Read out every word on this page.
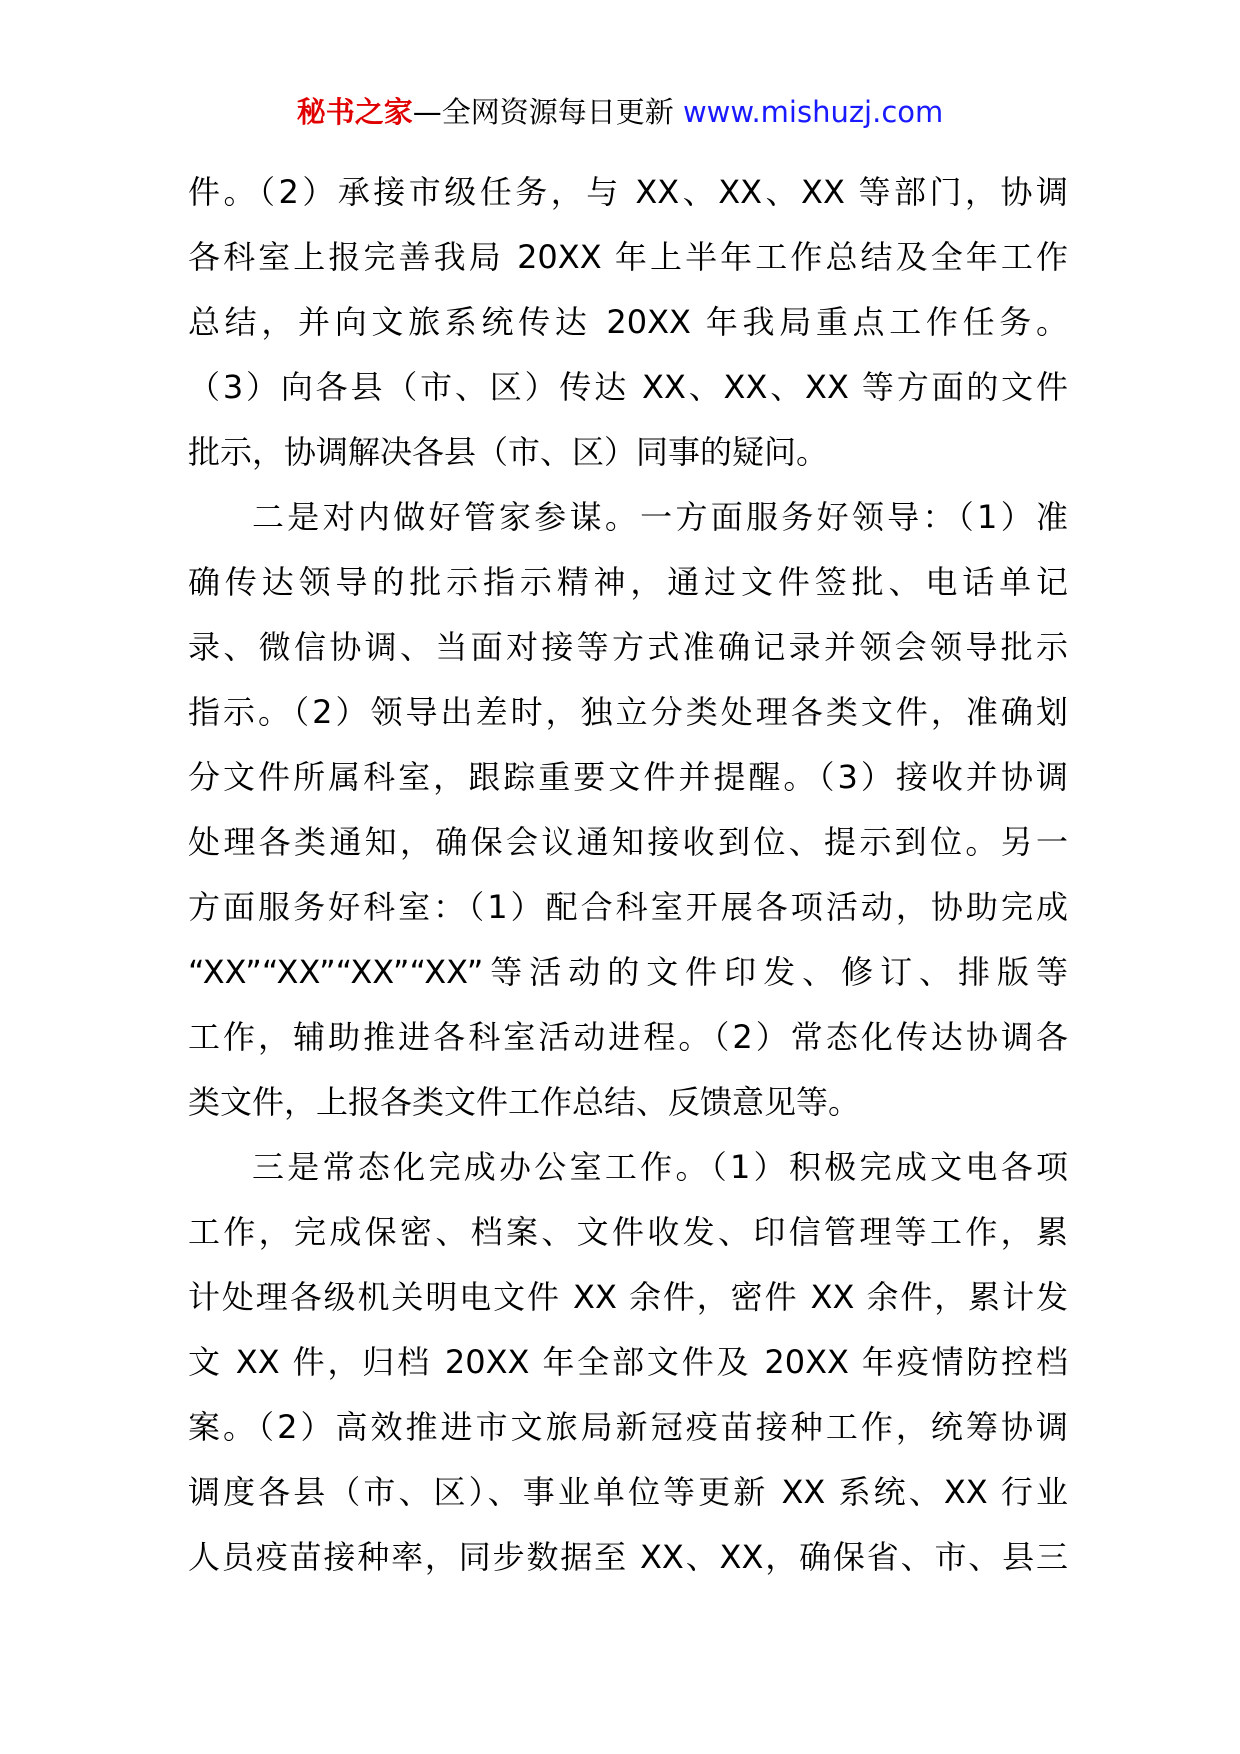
秘书之家—全网资源每日更新 www.mishuzj.com
件。（2）承接市级任务，与 XX、XX、XX 等部门，协调
各科室上报完善我局 20XX 年上半年工作总结及全年工作
总结，并向文旅系统传达 20XX 年我局重点工作任务。
（3）向各县（市、区）传达 XX、XX、XX 等方面的文件
批示，协调解决各县（市、区）同事的疑问。
二是对内做好管家参谋。一方面服务好领导：（1）准
确传达领导的批示指示精神，通过文件签批、电话单记
录、微信协调、当面对接等方式准确记录并领会领导批示
指示。（2）领导出差时，独立分类处理各类文件，准确划
分文件所属科室，跟踪重要文件并提醒。（3）接收并协调
处理各类通知，确保会议通知接收到位、提示到位。另一
方面服务好科室：（1）配合科室开展各项活动，协助完成
“XX”“XX”“XX”“XX”等活动的文件印发、修订、排版等
工作，辅助推进各科室活动进程。（2）常态化传达协调各
类文件，上报各类文件工作总结、反馈意见等。
三是常态化完成办公室工作。（1）积极完成文电各项
工作，完成保密、档案、文件收发、印信管理等工作，累
计处理各级机关明电文件 XX 余件，密件 XX 余件，累计发
文 XX 件，归档 20XX 年全部文件及 20XX 年疫情防控档
案。（2）高效推进市文旅局新冠疫苗接种工作，统筹协调
调度各县（市、区）、事业单位等更新 XX 系统、XX 行业
人员疫苗接种率，同步数据至 XX、XX，确保省、市、县三
